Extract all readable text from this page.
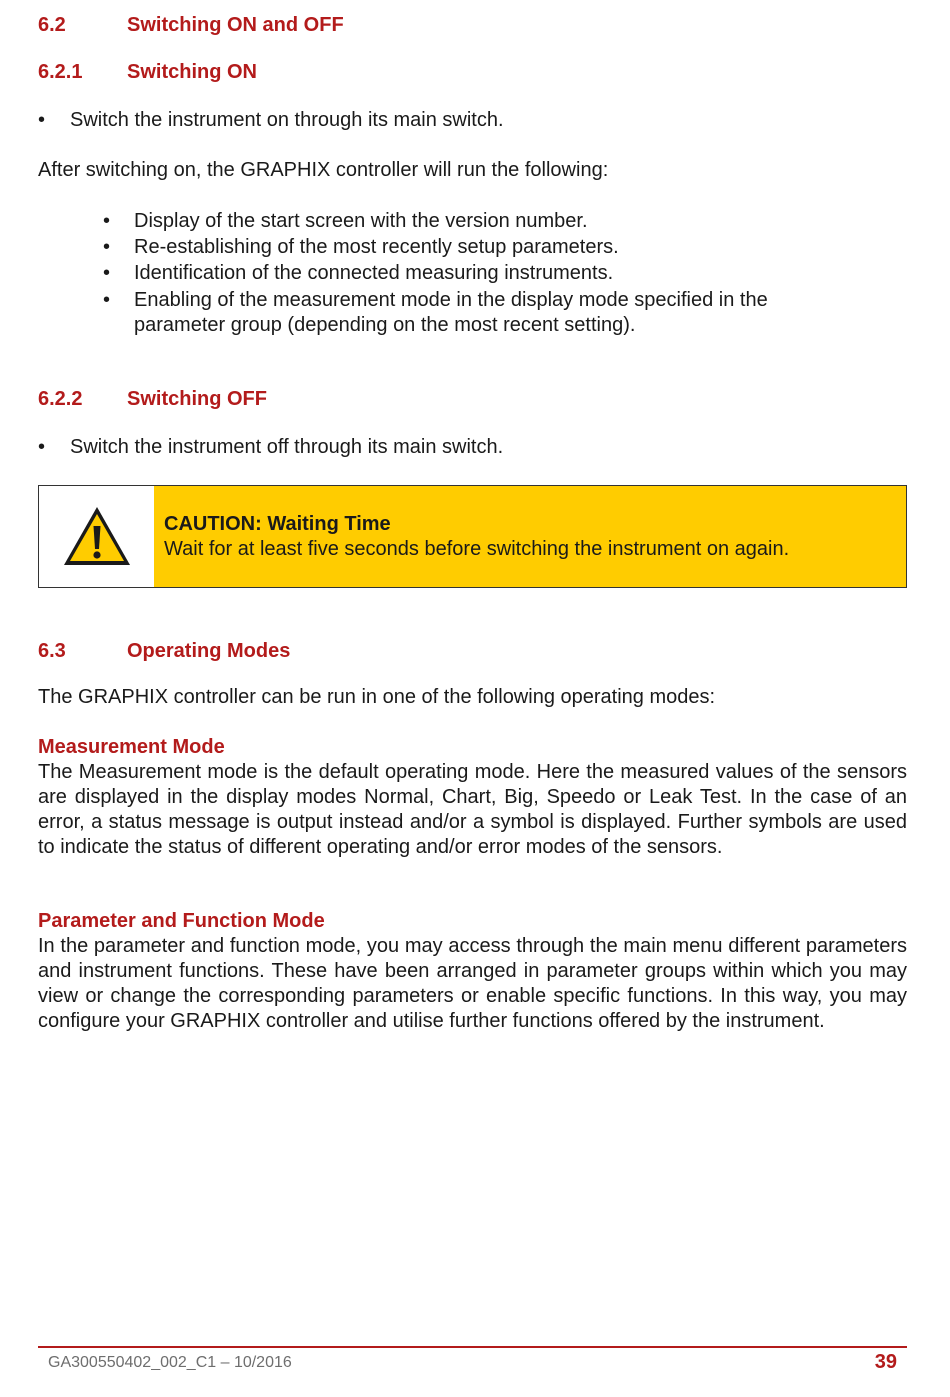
6.2	Switching ON and OFF
6.2.1 Switching ON
• Switch the instrument on through its main switch.
After switching on, the GRAPHIX controller will run the following:
• Display of the start screen with the version number.
• Re-establishing of the most recently setup parameters.
• Identification of the connected measuring instruments.
• Enabling of the measurement mode in the display mode specified in the
parameter group (depending on the most recent setting).
6.2.2 Switching OFF
• Switch the instrument off through its main switch.
CAUTION: Waiting Time
Wait for at least five seconds before switching the instrument on again.
6.3	Operating Modes
The GRAPHIX controller can be run in one of the following operating modes:
Measurement Mode
The Measurement mode is the default operating mode. Here the measured values of the sensors are displayed in the display modes Normal, Chart, Big, Speedo or Leak Test. In the case of an error, a status message is output instead and/or a symbol is displayed. Further symbols are used to indicate the status of different operating and/or error modes of the sensors.
Parameter and Function Mode
In the parameter and function mode, you may access through the main menu different parameters and instrument functions. These have been arranged in parameter groups within which you may view or change the corresponding parameters or enable specific functions. In this way, you may configure your GRAPHIX controller and utilise further functions offered by the instrument.
GA300550402_002_C1 – 10/2016	39
